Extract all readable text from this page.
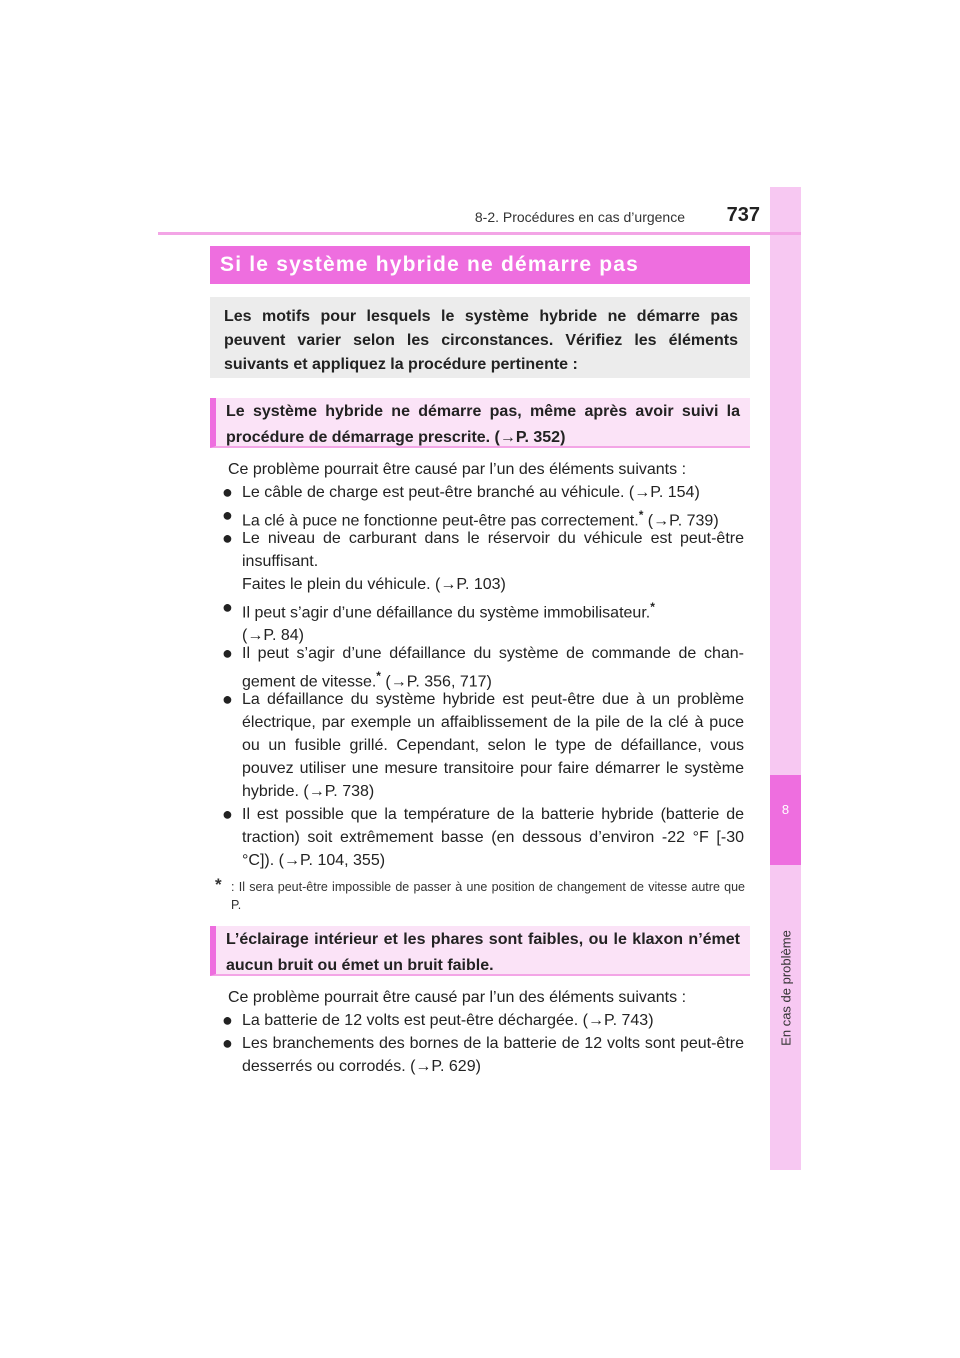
8
En cas de problème
8-2. Procédures en cas d’urgence	737
Si le système hybride ne démarre pas
Les motifs pour lesquels le système hybride ne démarre pas peuvent varier selon les circonstances. Vérifiez les éléments suivants et appliquez la procédure pertinente :
Le système hybride ne démarre pas, même après avoir suivi la procédure de démarrage prescrite. (→P. 352)
Ce problème pourrait être causé par l’un des éléments suivants :
● Le câble de charge est peut-être branché au véhicule. (→P. 154)
● La clé à puce ne fonctionne peut-être pas correctement.* (→P. 739)
● Le niveau de carburant dans le réservoir du véhicule est peut-être insuffisant.
Faites le plein du véhicule. (→P. 103)
● Il peut s’agir d’une défaillance du système immobilisateur.*
(→P. 84)
● Il peut s’agir d’une défaillance du système de commande de chan-gement de vitesse.* (→P. 356, 717)
● La défaillance du système hybride est peut-être due à un problème électrique, par exemple un affaiblissement de la pile de la clé à puce ou un fusible grillé. Cependant, selon le type de défaillance, vous pouvez utiliser une mesure transitoire pour faire démarrer le système hybride. (→P. 738)
● Il est possible que la température de la batterie hybride (batterie de traction) soit extrêmement basse (en dessous d’environ -22 °F [-30 °C]). (→P. 104, 355)
* : Il sera peut-être impossible de passer à une position de changement de vitesse autre que P.
L’éclairage intérieur et les phares sont faibles, ou le klaxon n’émet aucun bruit ou émet un bruit faible.
Ce problème pourrait être causé par l’un des éléments suivants :
● La batterie de 12 volts est peut-être déchargée. (→P. 743)
● Les branchements des bornes de la batterie de 12 volts sont peut-être desserrés ou corrodés. (→P. 629)
